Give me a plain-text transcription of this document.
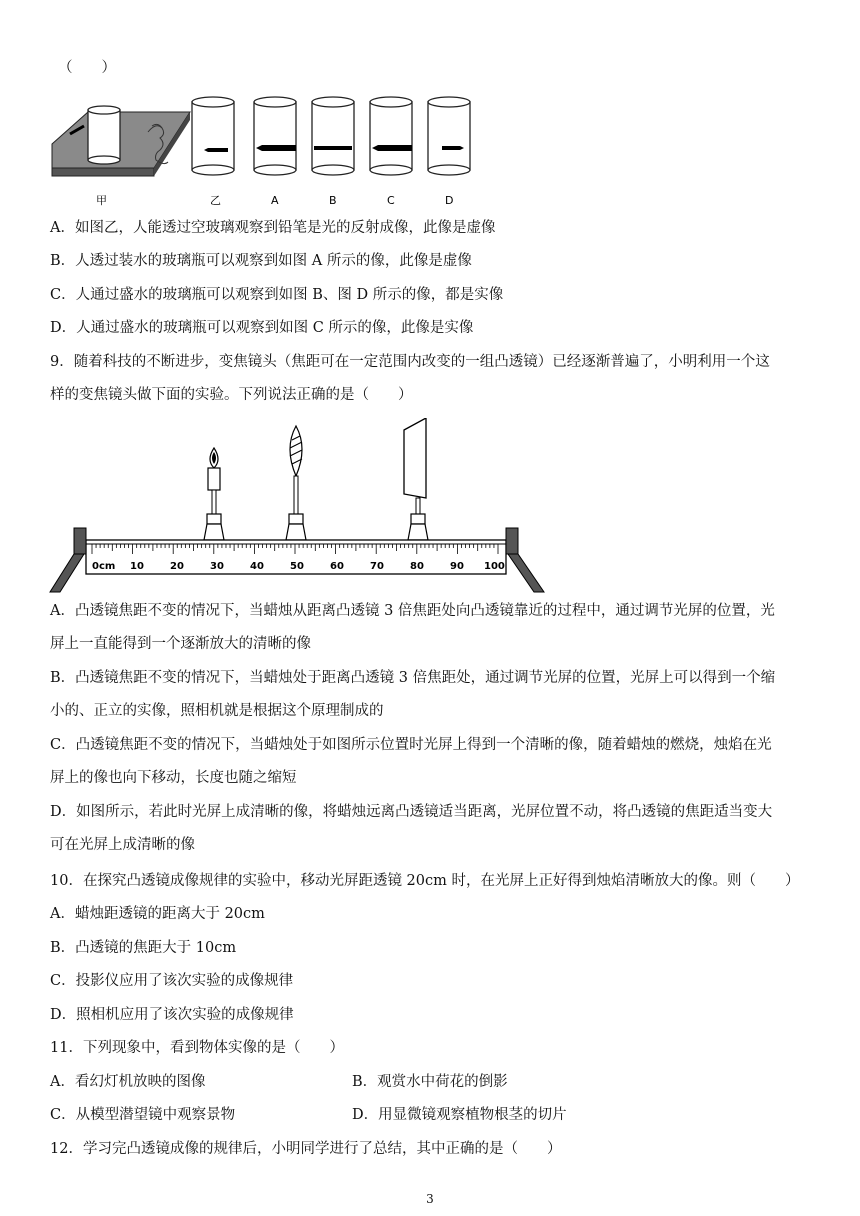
（　　）
甲	乙	A	B	C	D
A．如图乙，人能透过空玻璃观察到铅笔是光的反射成像，此像是虚像
B．人透过装水的玻璃瓶可以观察到如图 A 所示的像，此像是虚像
C．人通过盛水的玻璃瓶可以观察到如图 B、图 D 所示的像，都是实像
D．人通过盛水的玻璃瓶可以观察到如图 C 所示的像，此像是实像
9．随着科技的不断进步，变焦镜头（焦距可在一定范围内改变的一组凸透镜）已经逐渐普遍了，小明利用一个这
样的变焦镜头做下面的实验。下列说法正确的是（　　）
0cm 10	20	30	40	50	60	70	80	90 100
A．凸透镜焦距不变的情况下，当蜡烛从距离凸透镜 3 倍焦距处向凸透镜靠近的过程中，通过调节光屏的位置，光
屏上一直能得到一个逐渐放大的清晰的像
B．凸透镜焦距不变的情况下，当蜡烛处于距离凸透镜 3 倍焦距处，通过调节光屏的位置，光屏上可以得到一个缩
小的、正立的实像，照相机就是根据这个原理制成的
C．凸透镜焦距不变的情况下，当蜡烛处于如图所示位置时光屏上得到一个清晰的像，随着蜡烛的燃烧，烛焰在光
屏上的像也向下移动，长度也随之缩短
D．如图所示，若此时光屏上成清晰的像，将蜡烛远离凸透镜适当距离，光屏位置不动，将凸透镜的焦距适当变大
可在光屏上成清晰的像
10．在探究凸透镜成像规律的实验中，移动光屏距透镜 20cm 时，在光屏上正好得到烛焰清晰放大的像。则（　　）
A．蜡烛距透镜的距离大于 20cm
B．凸透镜的焦距大于 10cm
C．投影仪应用了该次实验的成像规律
D．照相机应用了该次实验的成像规律
11．下列现象中，看到物体实像的是（　　）
A．看幻灯机放映的图像	B．观赏水中荷花的倒影
C．从模型潜望镜中观察景物	D．用显微镜观察植物根茎的切片
12．学习完凸透镜成像的规律后，小明同学进行了总结，其中正确的是（　　）
3
